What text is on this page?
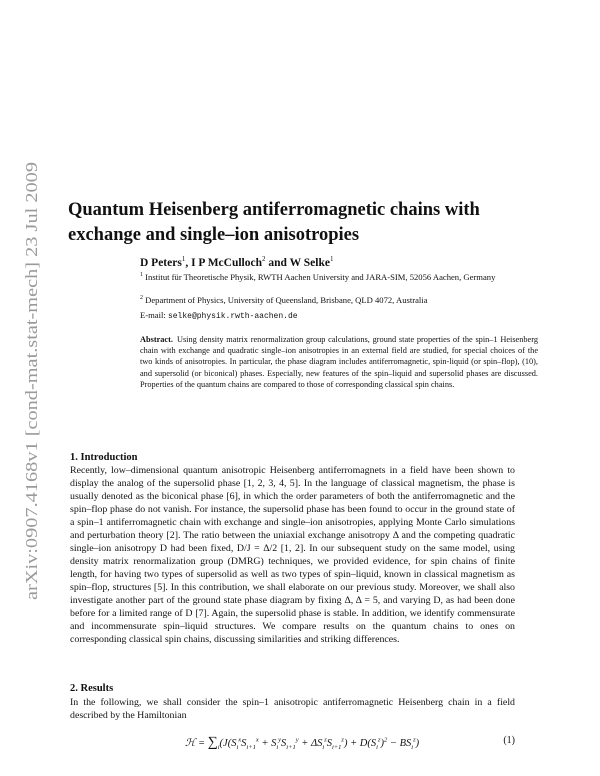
arXiv:0907.4168v1 [cond-mat.stat-mech] 23 Jul 2009
Quantum Heisenberg antiferromagnetic chains with exchange and single–ion anisotropies
D Peters$^1$, I P McCulloch$^2$ and W Selke$^1$
$^1$ Institut für Theoretische Physik, RWTH Aachen University and JARA-SIM, 52056 Aachen, Germany
$^2$ Department of Physics, University of Queensland, Brisbane, QLD 4072, Australia
E-mail: selke@physik.rwth-aachen.de

Abstract. Using density matrix renormalization group calculations, ground state properties of the spin–1 Heisenberg chain with exchange and quadratic single–ion anisotropies in an external field are studied, for special choices of the two kinds of anisotropies. In particular, the phase diagram includes antiferromagnetic, spin-liquid (or spin–flop), (10), and supersolid (or biconical) phases. Especially, new features of the spin–liquid and supersolid phases are discussed. Properties of the quantum chains are compared to those of corresponding classical spin chains.

1. Introduction

Recently, low–dimensional quantum anisotropic Heisenberg antiferromagnets in a field have been shown to display the analog of the supersolid phase [1, 2, 3, 4, 5]. In the language of classical magnetism, the phase is usually denoted as the biconical phase [6], in which the order parameters of both the antiferromagnetic and the spin–flop phase do not vanish. For instance, the supersolid phase has been found to occur in the ground state of a spin–1 antiferromagnetic chain with exchange and single–ion anisotropies, applying Monte Carlo simulations and perturbation theory [2]. The ratio between the uniaxial exchange anisotropy Δ and the competing quadratic single–ion anisotropy D had been fixed, D/J = Δ/2 [1, 2]. In our subsequent study on the same model, using density matrix renormalization group (DMRG) techniques, we provided evidence, for spin chains of finite length, for having two types of supersolid as well as two types of spin–liquid, known in classical magnetism as spin–flop, structures [5]. In this contribution, we shall elaborate on our previous study. Moreover, we shall also investigate another part of the ground state phase diagram by fixing Δ, Δ = 5, and varying D, as had been done before for a limited range of D [7]. Again, the supersolid phase is stable. In addition, we identify commensurate and incommensurate spin–liquid structures. We compare results on the quantum chains to ones on corresponding classical spin chains, discussing similarities and striking differences.

2. Results

In the following, we shall consider the spin–1 anisotropic antiferromagnetic Heisenberg chain in a field described by the Hamiltonian

ℋ = $\sum_i(J(S_i^xS_{i+1}^x + S_i^yS_{i+1}^y + \Delta S_i^zS_{i+1}^z) + D(S_i^z)^2 - BS_i^z)$	(1)
